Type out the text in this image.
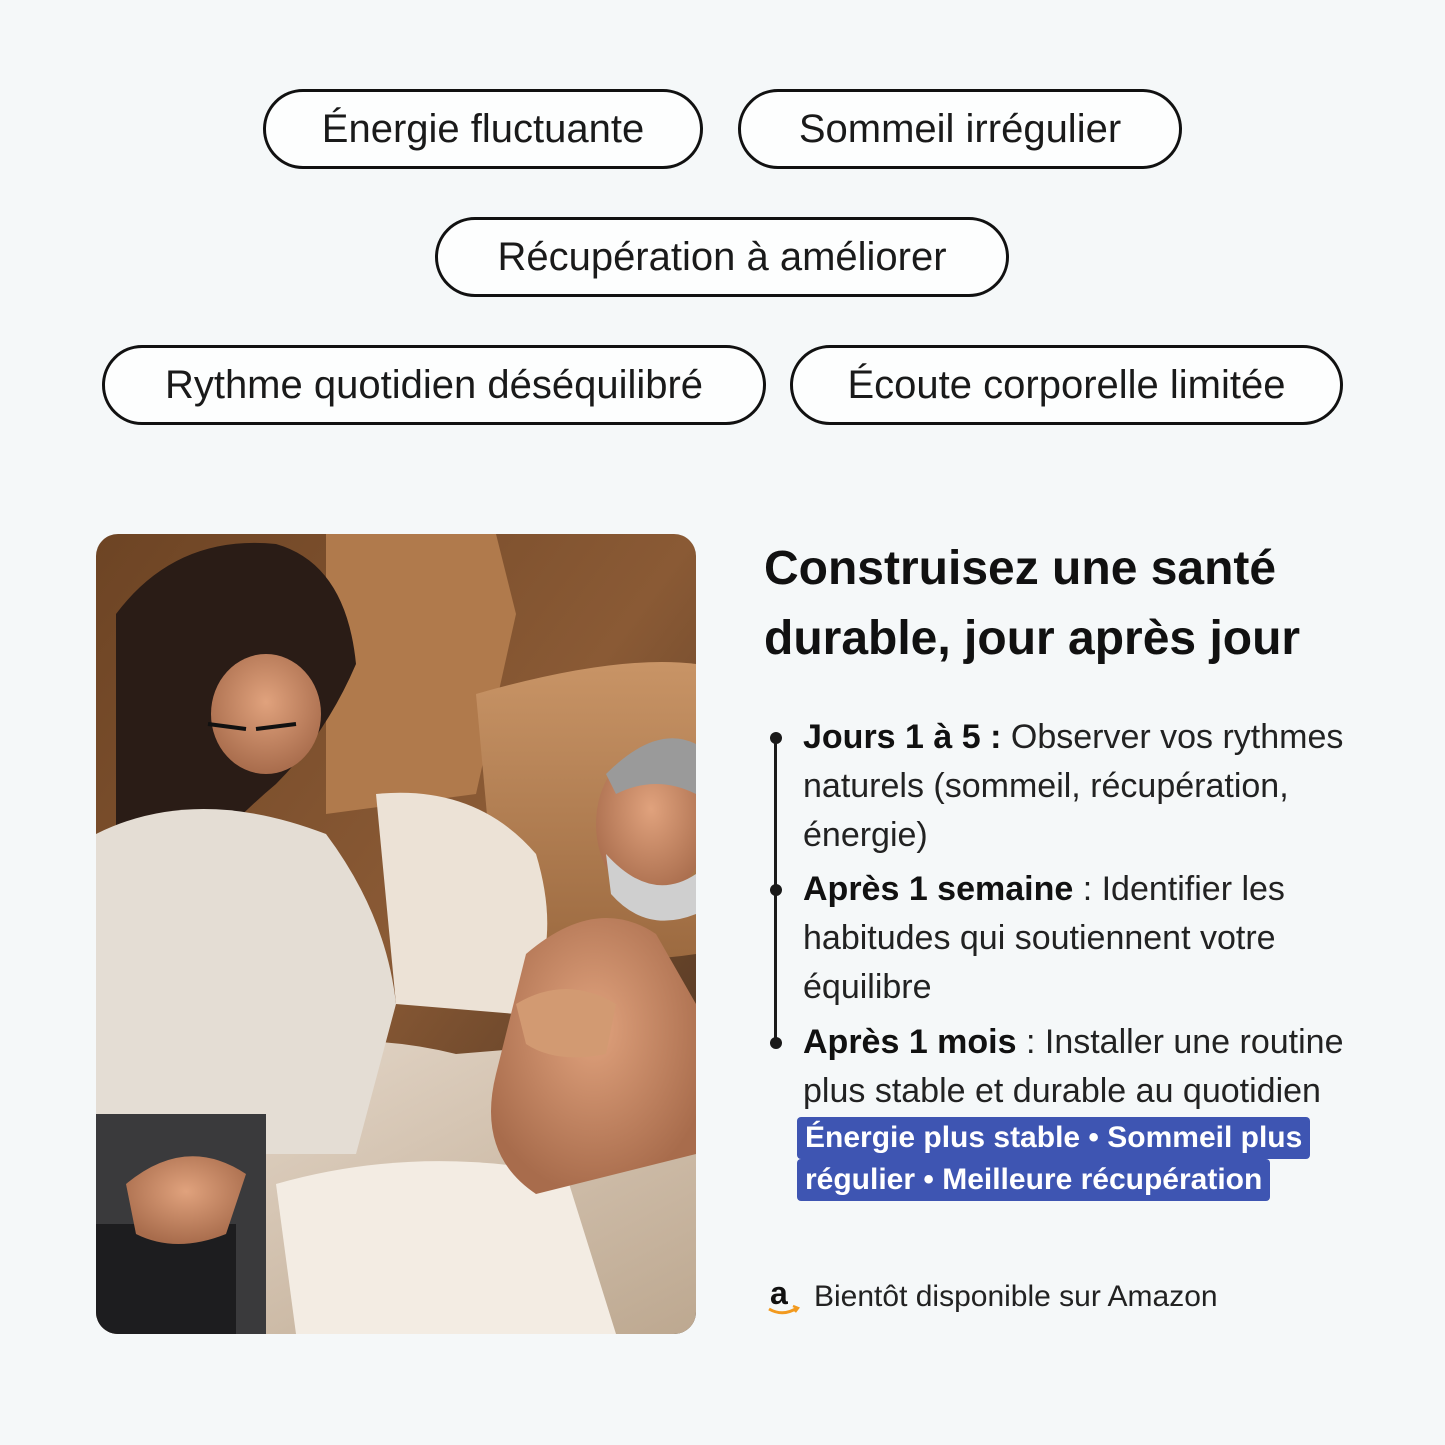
Énergie fluctuante	Sommeil irrégulier
Récupération à améliorer
Rythme quotidien déséquilibré	Écoute corporelle limitée
Construisez une santé
durable, jour après jour
Jours 1 à 5 : Observer vos rythmes naturels (sommeil, récupération, énergie)
Après 1 semaine : Identifier les habitudes qui soutiennent votre équilibre
Après 1 mois : Installer une routine plus stable et durable au quotidien
Énergie plus stable • Sommeil plus
régulier • Meilleure récupération
a Bientôt disponible sur Amazon
